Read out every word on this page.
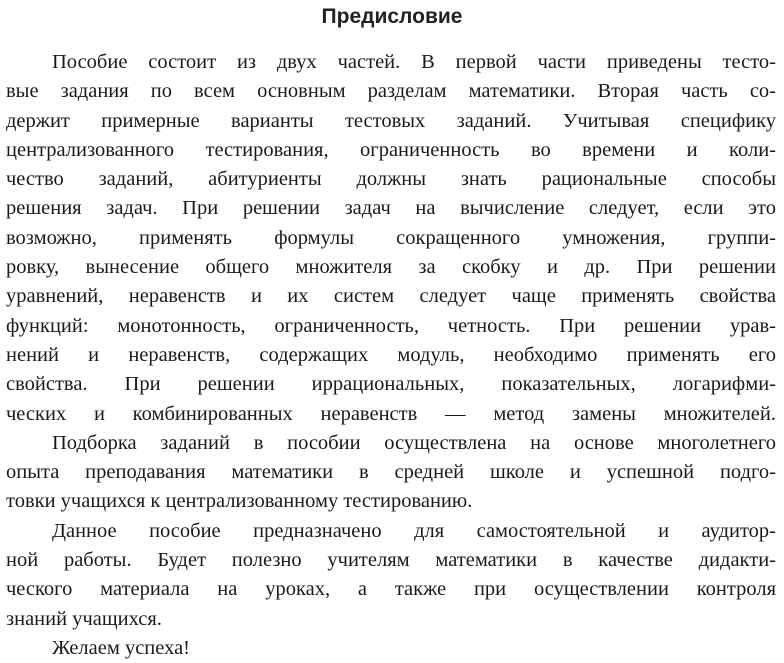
Предисловие
Пособие состоит из двух частей. В первой части приведены тесто-
вые задания по всем основным разделам математики. Вторая часть со-
держит примерные варианты тестовых заданий. Учитывая специфику
централизованного тестирования, ограниченность во времени и коли-
чество заданий, абитуриенты должны знать рациональные способы
решения задач. При решении задач на вычисление следует, если это
возможно, применять формулы сокращенного умножения, группи-
ровку, вынесение общего множителя за скобку и др. При решении
уравнений, неравенств и их систем следует чаще применять свойства
функций: монотонность, ограниченность, четность. При решении урав-
нений и неравенств, содержащих модуль, необходимо применять его
свойства. При решении иррациональных, показательных, логарифми-
ческих и комбинированных неравенств — метод замены множителей.
Подборка заданий в пособии осуществлена на основе многолетнего
опыта преподавания математики в средней школе и успешной подго-
товки учащихся к централизованному тестированию.
Данное пособие предназначено для самостоятельной и аудитор-
ной работы. Будет полезно учителям математики в качестве дидакти-
ческого материала на уроках, а также при осуществлении контроля
знаний учащихся.
Желаем успеха!
